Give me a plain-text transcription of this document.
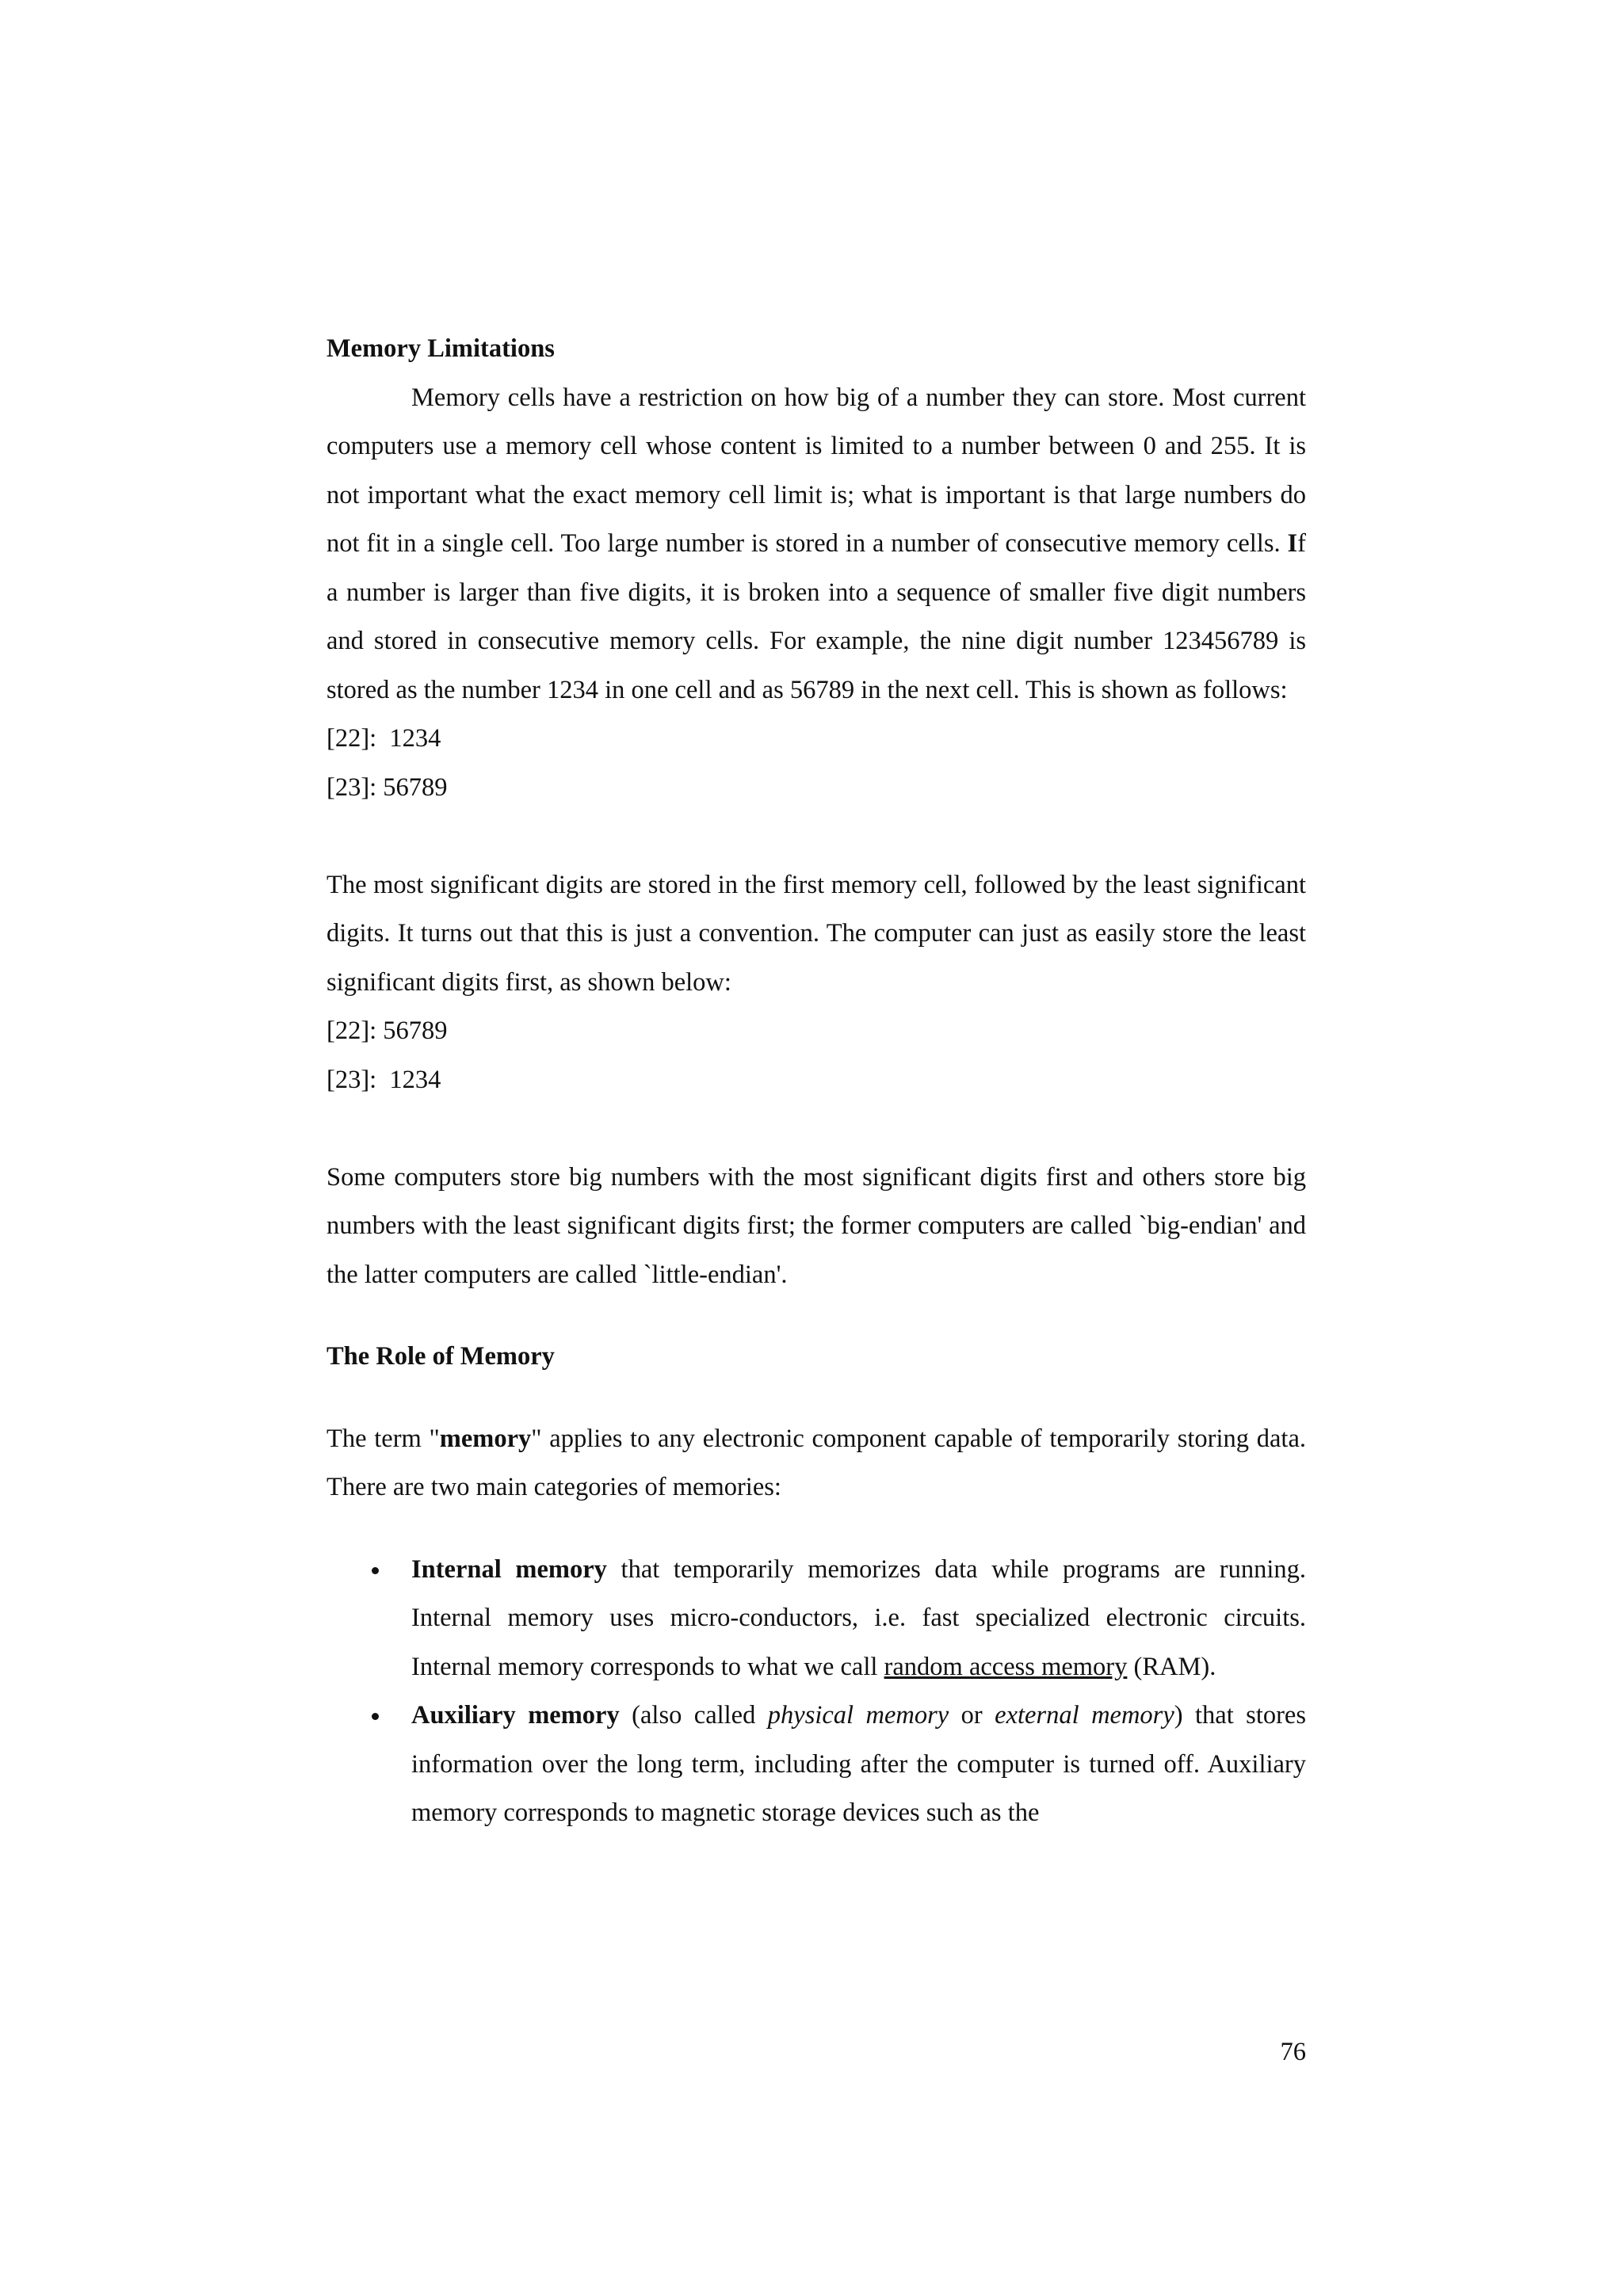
Memory Limitations

Memory cells have a restriction on how big of a number they can store. Most current computers use a memory cell whose content is limited to a number between 0 and 255. It is not important what the exact memory cell limit is; what is important is that large numbers do not fit in a single cell. Too large number is stored in a number of consecutive memory cells. If a number is larger than five digits, it is broken into a sequence of smaller five digit numbers and stored in consecutive memory cells. For example, the nine digit number 123456789 is stored as the number 1234 in one cell and as 56789 in the next cell. This is shown as follows:

[22]:  1234

[23]: 56789

The most significant digits are stored in the first memory cell, followed by the least significant digits. It turns out that this is just a convention. The computer can just as easily store the least significant digits first, as shown below:

[22]: 56789

[23]:  1234

Some computers store big numbers with the most significant digits first and others store big numbers with the least significant digits first; the former computers are called `big-endian' and the latter computers are called `little-endian'.

The Role of Memory

The term "memory" applies to any electronic component capable of temporarily storing data. There are two main categories of memories:

Internal memory that temporarily memorizes data while programs are running. Internal memory uses micro-conductors, i.e. fast specialized electronic circuits. Internal memory corresponds to what we call random access memory (RAM).
Auxiliary memory (also called physical memory or external memory) that stores information over the long term, including after the computer is turned off. Auxiliary memory corresponds to magnetic storage devices such as the
76
